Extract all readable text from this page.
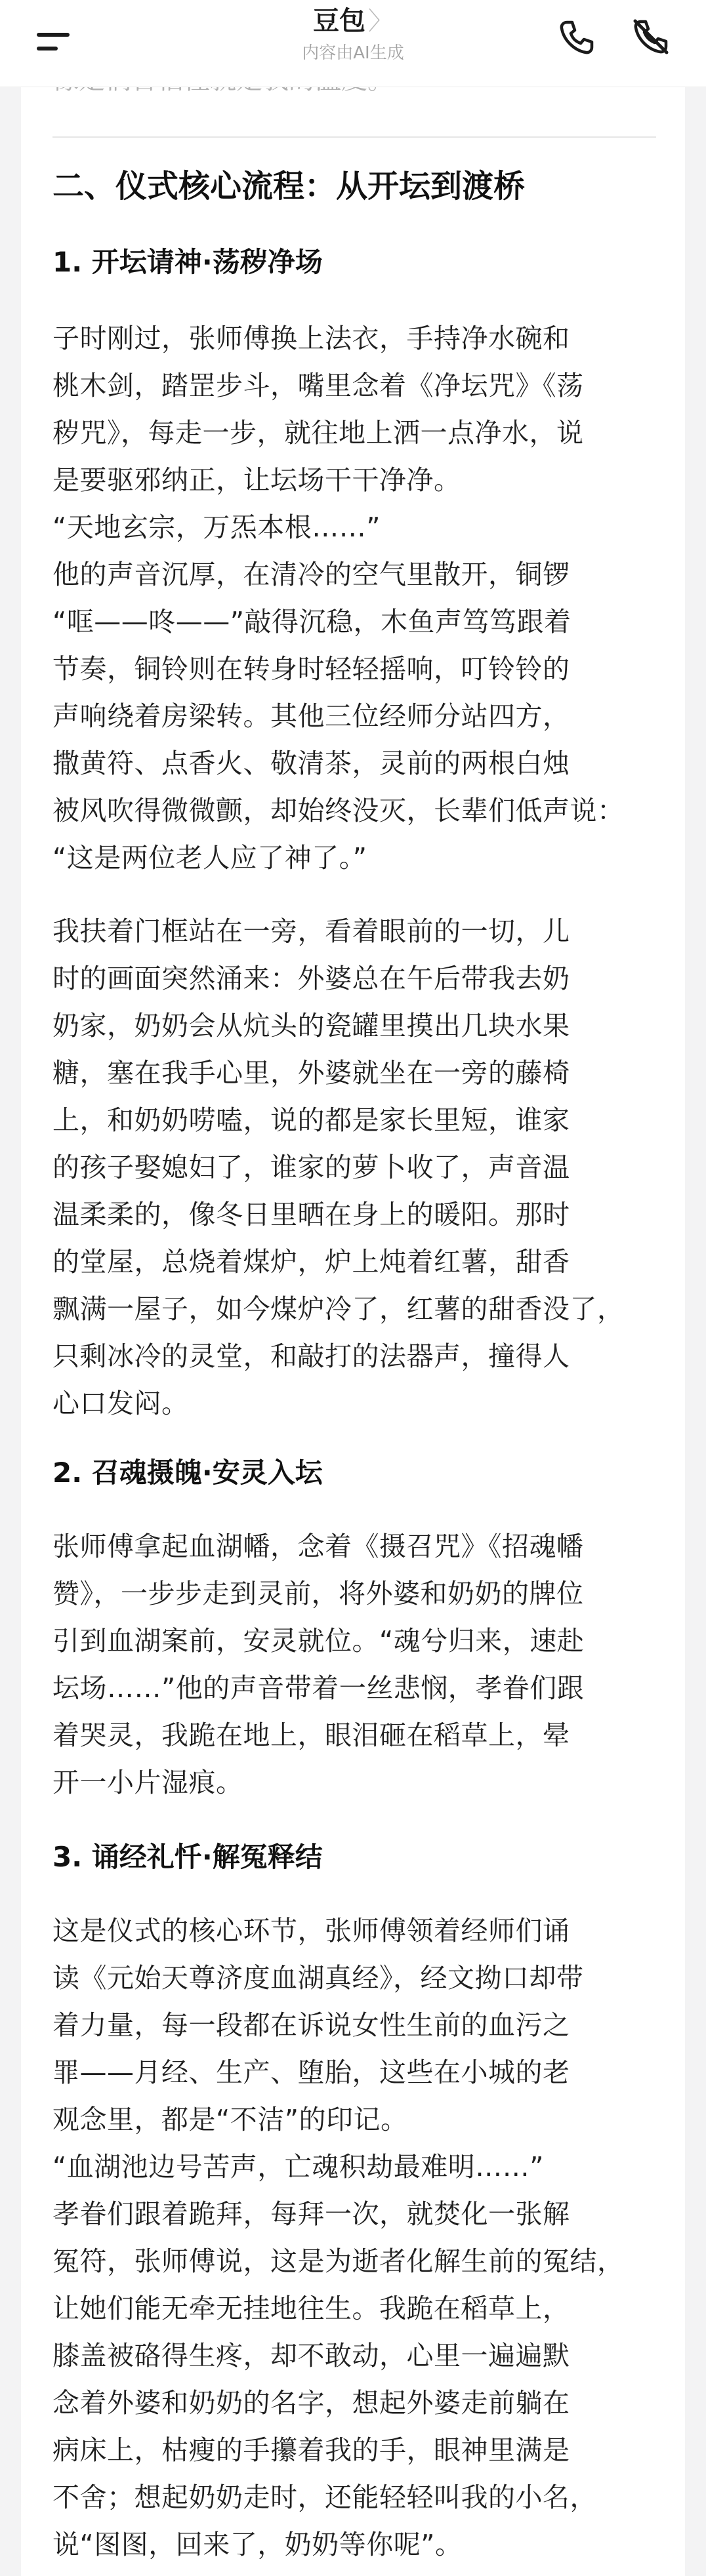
二、仪式核心流程：从开坛到渡桥
1. 开坛请神·荡秽净场
子时刚过，张师傅换上法衣，手持净水碗和
桃木剑，踏罡步斗，嘴里念着《净坛咒》《荡
秽咒》，每走一步，就往地上洒一点净水，说
是要驱邪纳正，让坛场干干净净。
“天地玄宗，万炁本根……”
他的声音沉厚，在清冷的空气里散开，铜锣
“哐——咚——”敲得沉稳，木鱼声笃笃跟着
节奏，铜铃则在转身时轻轻摇响，叮铃铃的
声响绕着房梁转。其他三位经师分站四方，
撒黄符、点香火、敬清茶，灵前的两根白烛
被风吹得微微颤，却始终没灭，长辈们低声说：
“这是两位老人应了神了。”
我扶着门框站在一旁，看着眼前的一切，儿
时的画面突然涌来：外婆总在午后带我去奶
奶家，奶奶会从炕头的瓷罐里摸出几块水果
糖，塞在我手心里，外婆就坐在一旁的藤椅
上，和奶奶唠嗑，说的都是家长里短，谁家
的孩子娶媳妇了，谁家的萝卜收了，声音温
温柔柔的，像冬日里晒在身上的暖阳。那时
的堂屋，总烧着煤炉，炉上炖着红薯，甜香
飘满一屋子，如今煤炉冷了，红薯的甜香没了，
只剩冰冷的灵堂，和敲打的法器声，撞得人
心口发闷。
2. 召魂摄魄·安灵入坛
张师傅拿起血湖幡，念着《摄召咒》《招魂幡
赞》，一步步走到灵前，将外婆和奶奶的牌位
引到血湖案前，安灵就位。“魂兮归来，速赴
坛场……”他的声音带着一丝悲悯，孝眷们跟
着哭灵，我跪在地上，眼泪砸在稻草上，晕
开一小片湿痕。
3. 诵经礼忏·解冤释结
这是仪式的核心环节，张师傅领着经师们诵
读《元始天尊济度血湖真经》，经文拗口却带
着力量，每一段都在诉说女性生前的血污之
罪——月经、生产、堕胎，这些在小城的老
观念里，都是“不洁”的印记。
“血湖池边号苦声，亡魂积劫最难明……”
孝眷们跟着跪拜，每拜一次，就焚化一张解
冤符，张师傅说，这是为逝者化解生前的冤结，
让她们能无牵无挂地往生。我跪在稻草上，
膝盖被硌得生疼，却不敢动，心里一遍遍默
念着外婆和奶奶的名字，想起外婆走前躺在
病床上，枯瘦的手攥着我的手，眼神里满是
不舍；想起奶奶走时，还能轻轻叫我的小名，
说“图图，回来了，奶奶等你呢”。
豆包 〉
内容由AI生成
